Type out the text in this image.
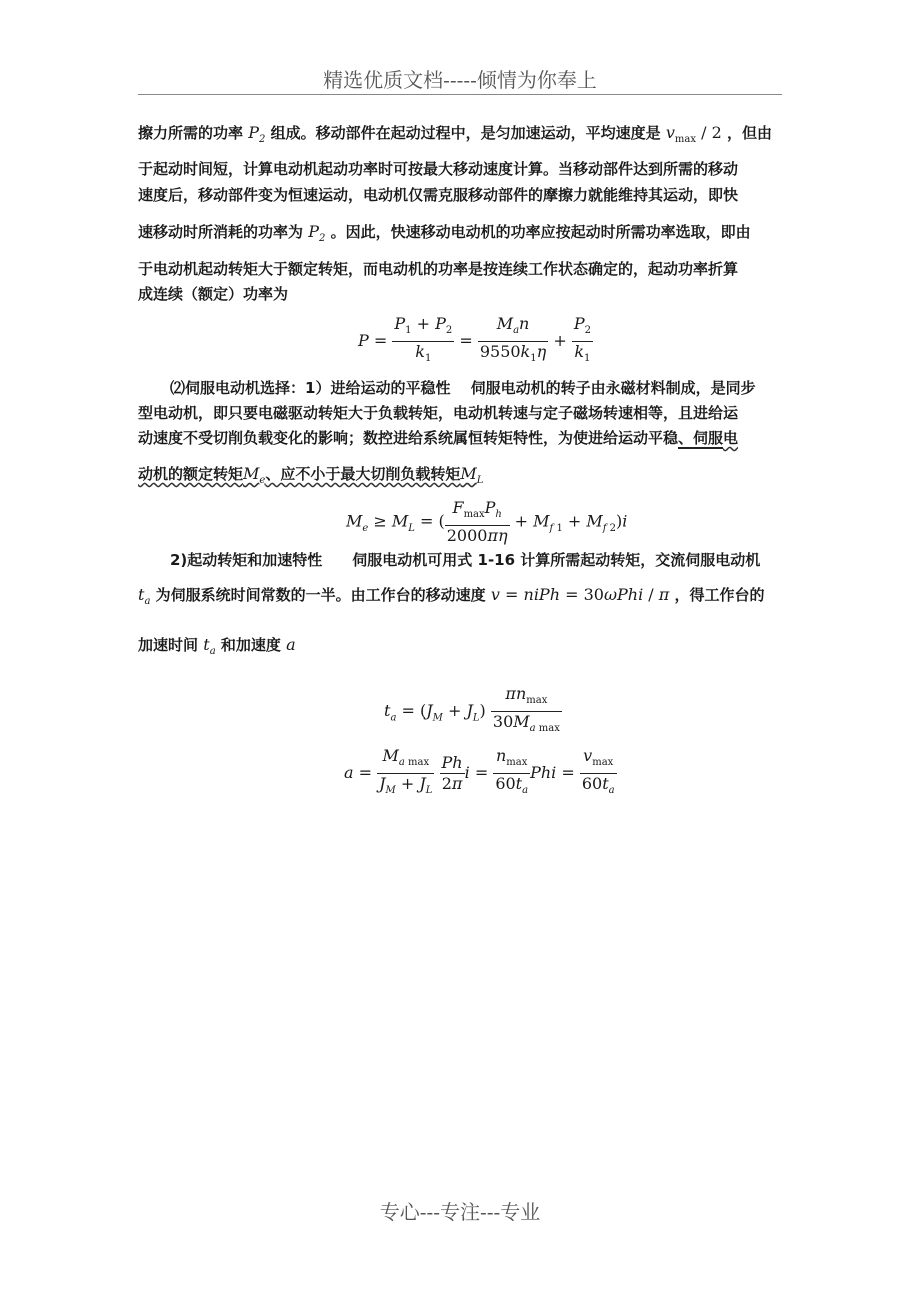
精选优质文档-----倾情为你奉上
擦力所需的功率 $P_2$ 组成。移动部件在起动过程中，是匀加速运动，平均速度是 $v_{max} / 2$ ，但由
于起动时间短，计算电动机起动功率时可按最大移动速度计算。当移动部件达到所需的移动
速度后，移动部件变为恒速运动，电动机仅需克服移动部件的摩擦力就能维持其运动，即快
速移动时所消耗的功率为 $P_2$ 。因此，快速移动电动机的功率应按起动时所需功率选取，即由
于电动机起动转矩大于额定转矩，而电动机的功率是按连续工作状态确定的，起动功率折算
成连续（额定）功率为
$P = \frac{P_1 + P_2}{k_1} = \frac{M_an}{9550k_1\eta} + \frac{P_2}{k_1}$
⑵伺服电动机选择：1）进给运动的平稳性　 伺服电动机的转子由永磁材料制成，是同步
型电动机，即只要电磁驱动转矩大于负载转矩，电动机转速与定子磁场转速相等，且进给运
动速度不受切削负载变化的影响；数控进给系统属恒转矩特性，为使进给运动平稳、伺服电
动机的额定转矩$M_e$、应不小于最大切削负载转矩$M_L$
$M_e \ge M_L$ = ( $\frac{F_{max}P_h}{2000\pi\eta} + M_{f 1} + M_{f 2})i$
2)起动转矩和加速特性　　伺服电动机可用式 1-16 计算所需起动转矩，交流伺服电动机
$t_a$ 为伺服系统时间常数的一半。由工作台的移动速度 v = niPh = 30ωPhi / π ，得工作台的
加速时间 $t_a$ 和加速度 a
$t_a = (J_M + J_L) \frac{\pi n_{max}}{30M_{a max}}$
$a = \frac{M_{a max}}{J_M + J_L}$
$\frac{Ph}{2\pi}$ $i = \frac{n_{max}}{60t_a}$ Phi = $\frac{v_{max}}{60t_a}$
专心---专注---专业
